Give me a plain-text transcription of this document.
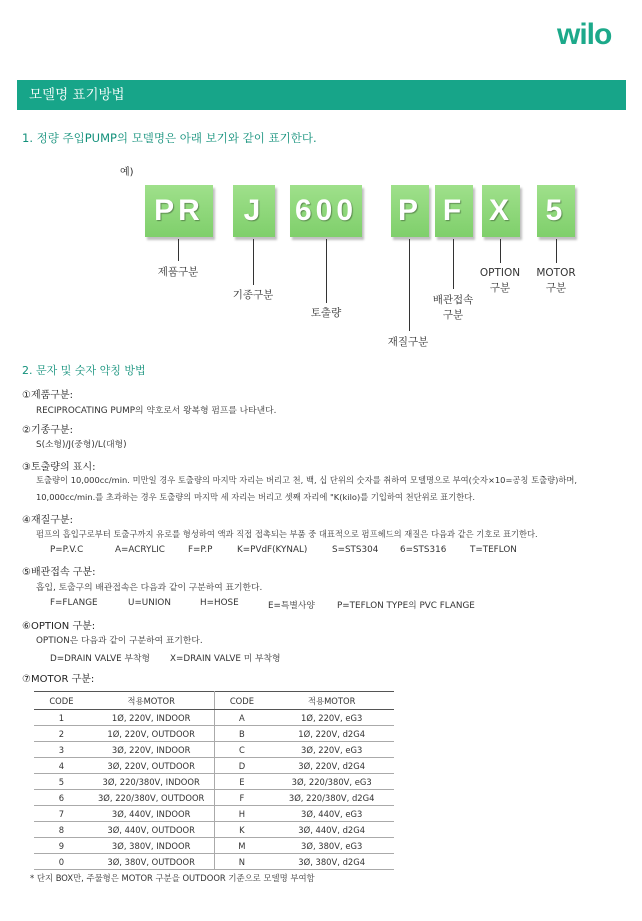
wilo
모델명 표기방법
1. 정량 주입PUMP의 모델명은 아래 보기와 같이 표기한다.
예)
PR	J	600 P F X 5
제품구분
기종구분
토출량
재질구분
배관접속
구분
OPTION
구분
MOTOR
구분
2. 문자 및 숫자 약칭 방법
①제품구분:
RECIPROCATING PUMP의 약호로서 왕복형 펌프를 나타낸다.
②기종구분:
S(소형)/J(중형)/L(대형)
③토출량의 표시:
토출량이 10,000cc/min. 미만일 경우 토출량의 마지막 자리는 버리고 천, 백, 십 단위의 숫자를 취하여 모델명으로 부여(숫자×10=공칭 토출량)하며,
10,000cc/min.를 초과하는 경우 토출량의 마지막 세 자리는 버리고 셋째 자리에 "K(kilo)를 기입하여 천단위로 표기한다.
④재질구분:
펌프의 흡입구로부터 토출구까지 유로를 형성하여 액과 직접 접촉되는 부품 중 대표적으로 펌프헤드의 재질은 다음과 같은 기호로 표기한다.
P=P.V.C	A=ACRYLIC	F=P.P	K=PVdF(KYNAL)	S=STS304 6=STS316	T=TEFLON
⑤배관접속 구분:
흡입, 토출구의 배관접속은 다음과 같이 구분하여 표기한다.
F=FLANGE	U=UNION	H=HOSE	E=특별사양	P=TEFLON TYPE의 PVC FLANGE
⑥OPTION 구분:
OPTION은 다음과 같이 구분하여 표기한다.
D=DRAIN VALVE 부착형 X=DRAIN VALVE 미 부착형
⑦MOTOR 구분:
CODE	적용MOTOR	CODE	적용MOTOR
1	1Ø, 220V, INDOOR	A	1Ø, 220V, eG3
2	1Ø, 220V, OUTDOOR	B	1Ø, 220V, d2G4
3	3Ø, 220V, INDOOR	C	3Ø, 220V, eG3
4	3Ø, 220V, OUTDOOR	D	3Ø, 220V, d2G4
5	3Ø, 220/380V, INDOOR	E	3Ø, 220/380V, eG3
6	3Ø, 220/380V, OUTDOOR	F	3Ø, 220/380V, d2G4
7	3Ø, 440V, INDOOR	H	3Ø, 440V, eG3
8	3Ø, 440V, OUTDOOR	K	3Ø, 440V, d2G4
9	3Ø, 380V, INDOOR	M	3Ø, 380V, eG3
0	3Ø, 380V, OUTDOOR	N	3Ø, 380V, d2G4
* 단지 BOX만, 주물형은 MOTOR 구분을 OUTDOOR 기준으로 모델명 부여함
